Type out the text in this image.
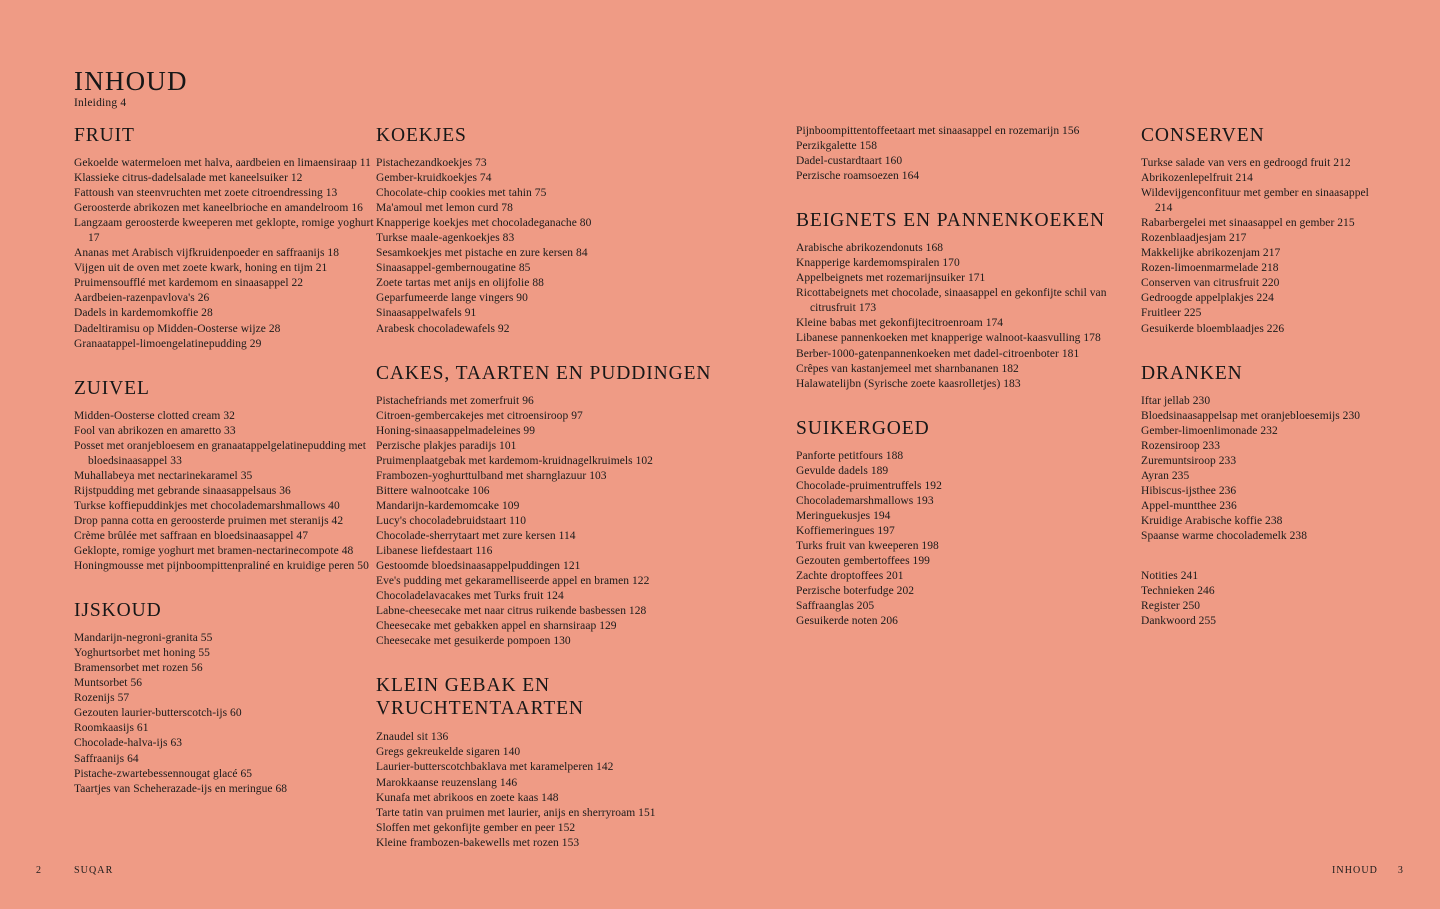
INHOUD
Inleiding 4
FRUIT
Gekoelde watermeloen met halva, aardbeien en limaensiraap 11
Klassieke citrus-dadelsalade met kaneelsuiker 12
Fattoush van steenvruchten met zoete citroendressing 13
Geroosterde abrikozen met kaneelbrioche en amandelroom 16
Langzaam geroosterde kweeperen met geklopte, romige yoghurt 17
Ananas met Arabisch vijfkruidenpoeder en saffraanijs 18
Vijgen uit de oven met zoete kwark, honing en tijm 21
Pruimensoufflé met kardemom en sinaasappel 22
Aardbeien-razenpavlova's 26
Dadels in kardemomkoffie 28
Dadeltiramisu op Midden-Oosterse wijze 28
Granaatappel-limoengelatinepudding 29
ZUIVEL
Midden-Oosterse clotted cream 32
Fool van abrikozen en amaretto 33
Posset met oranjebloesem en granaatappelgelatinepudding met bloedsinaasappel 33
Muhallabeya met nectarinekaramel 35
Rijstpudding met gebrande sinaasappelsaus 36
Turkse koffiepuddinkjes met chocolademarshmallows 40
Drop panna cotta en geroosterde pruimen met steranijs 42
Crème brûlée met saffraan en bloedsinaasappel 47
Geklopte, romige yoghurt met bramen-nectarinecompote 48
Honingmousse met pijnboompittenpraliné en kruidige peren 50
IJSKOUD
Mandarijn-negroni-granita 55
Yoghurtsorbet met honing 55
Bramensorbet met rozen 56
Muntsorbet 56
Rozenijs 57
Gezouten laurier-butterscotch-ijs 60
Roomkaasijs 61
Chocolade-halva-ijs 63
Saffraanijs 64
Pistache-zwartebessennougat glacé 65
Taartjes van Scheherazade-ijs en meringue 68
KOEKJES
Pistachezandkoekjes 73
Gember-kruidkoekjes 74
Chocolate-chip cookies met tahin 75
Ma'amoul met lemon curd 78
Knapperige koekjes met chocoladeganache 80
Turkse maale-agenkoekjes 83
Sesamkoekjes met pistache en zure kersen 84
Sinaasappel-gembernougatine 85
Zoete tartas met anijs en olijfolie 88
Geparfumeerde lange vingers 90
Sinaasappelwafels 91
Arabesk chocoladewafels 92
CAKES, TAARTEN EN PUDDINGEN
Pistachefriands met zomerfruit 96
Citroen-gembercakejes met citroensiroop 97
Honing-sinaasappelmadeleines 99
Perzische plakjes paradijs 101
Pruimenplaatgebak met kardemom-kruidnagelkruimels 102
Frambozen-yoghurttulband met sharnglazuur 103
Bittere walnootcake 106
Mandarijn-kardemomcake 109
Lucy's chocoladebruidstaart 110
Chocolade-sherrytaart met zure kersen 114
Libanese liefdestaart 116
Gestoomde bloedsinaasappelpuddingen 121
Eve's pudding met gekaramelliseerde appel en bramen 122
Chocoladelavacakes met Turks fruit 124
Labne-cheesecake met naar citrus ruikende basbessen 128
Cheesecake met gebakken appel en sharnsiraap 129
Cheesecake met gesuikerde pompoen 130
KLEIN GEBAK EN
VRUCHTENTAARTEN
Znaudel sit 136
Gregs gekreukelde sigaren 140
Laurier-butterscotchbaklava met karamelperen 142
Marokkaanse reuzenslang 146
Kunafa met abrikoos en zoete kaas 148
Tarte tatin van pruimen met laurier, anijs en sherryroam 151
Sloffen met gekonfijte gember en peer 152
Kleine frambozen-bakewells met rozen 153
Pijnboompittentoffeetaart met sinaasappel en rozemarijn 156
Perzikgalette 158
Dadel-custardtaart 160
Perzische roamsoezen 164
BEIGNETS EN PANNENKOEKEN
Arabische abrikozendonuts 168
Knapperige kardemomspiralen 170
Appelbeignets met rozemarijnsuiker 171
Ricottabeignets met chocolade, sinaasappel en gekonfijte schil van citrusfruit 173
Kleine babas met gekonfijtecitroenroam 174
Libanese pannenkoeken met knapperige walnoot-kaasvulling 178
Berber-1000-gatenpannenkoeken met dadel-citroenboter 181
Crêpes van kastanjemeel met sharnbananen 182
Halawatelijbn (Syrische zoete kaasrolletjes) 183
SUIKERGOED
Panforte petitfours 188
Gevulde dadels 189
Chocolade-pruimentruffels 192
Chocolademarshmallows 193
Meringuekusjes 194
Koffiemeringues 197
Turks fruit van kweeperen 198
Gezouten gembertoffees 199
Zachte droptoffees 201
Perzische boterfudge 202
Saffraanglas 205
Gesuikerde noten 206
CONSERVEN
Turkse salade van vers en gedroogd fruit 212
Abrikozenlepelfruit 214
Wildevijgenconfituur met gember en sinaasappel 214
Rabarbergelei met sinaasappel en gember 215
Rozenblaadjesjam 217
Makkelijke abrikozenjam 217
Rozen-limoenmarmelade 218
Conserven van citrusfruit 220
Gedroogde appelplakjes 224
Fruitleer 225
Gesuikerde bloemblaadjes 226
DRANKEN
Iftar jellab 230
Bloedsinaasappelsap met oranjebloesemijs 230
Gember-limoenlimonade 232
Rozensiroop 233
Zuremuntsiroop 233
Ayran 235
Hibiscus-ijsthee 236
Appel-muntthee 236
Kruidige Arabische koffie 238
Spaanse warme chocolademelk 238
Notities 241
Technieken 246
Register 250
Dankwoord 255
2	SUQAR	INHOUD 3
